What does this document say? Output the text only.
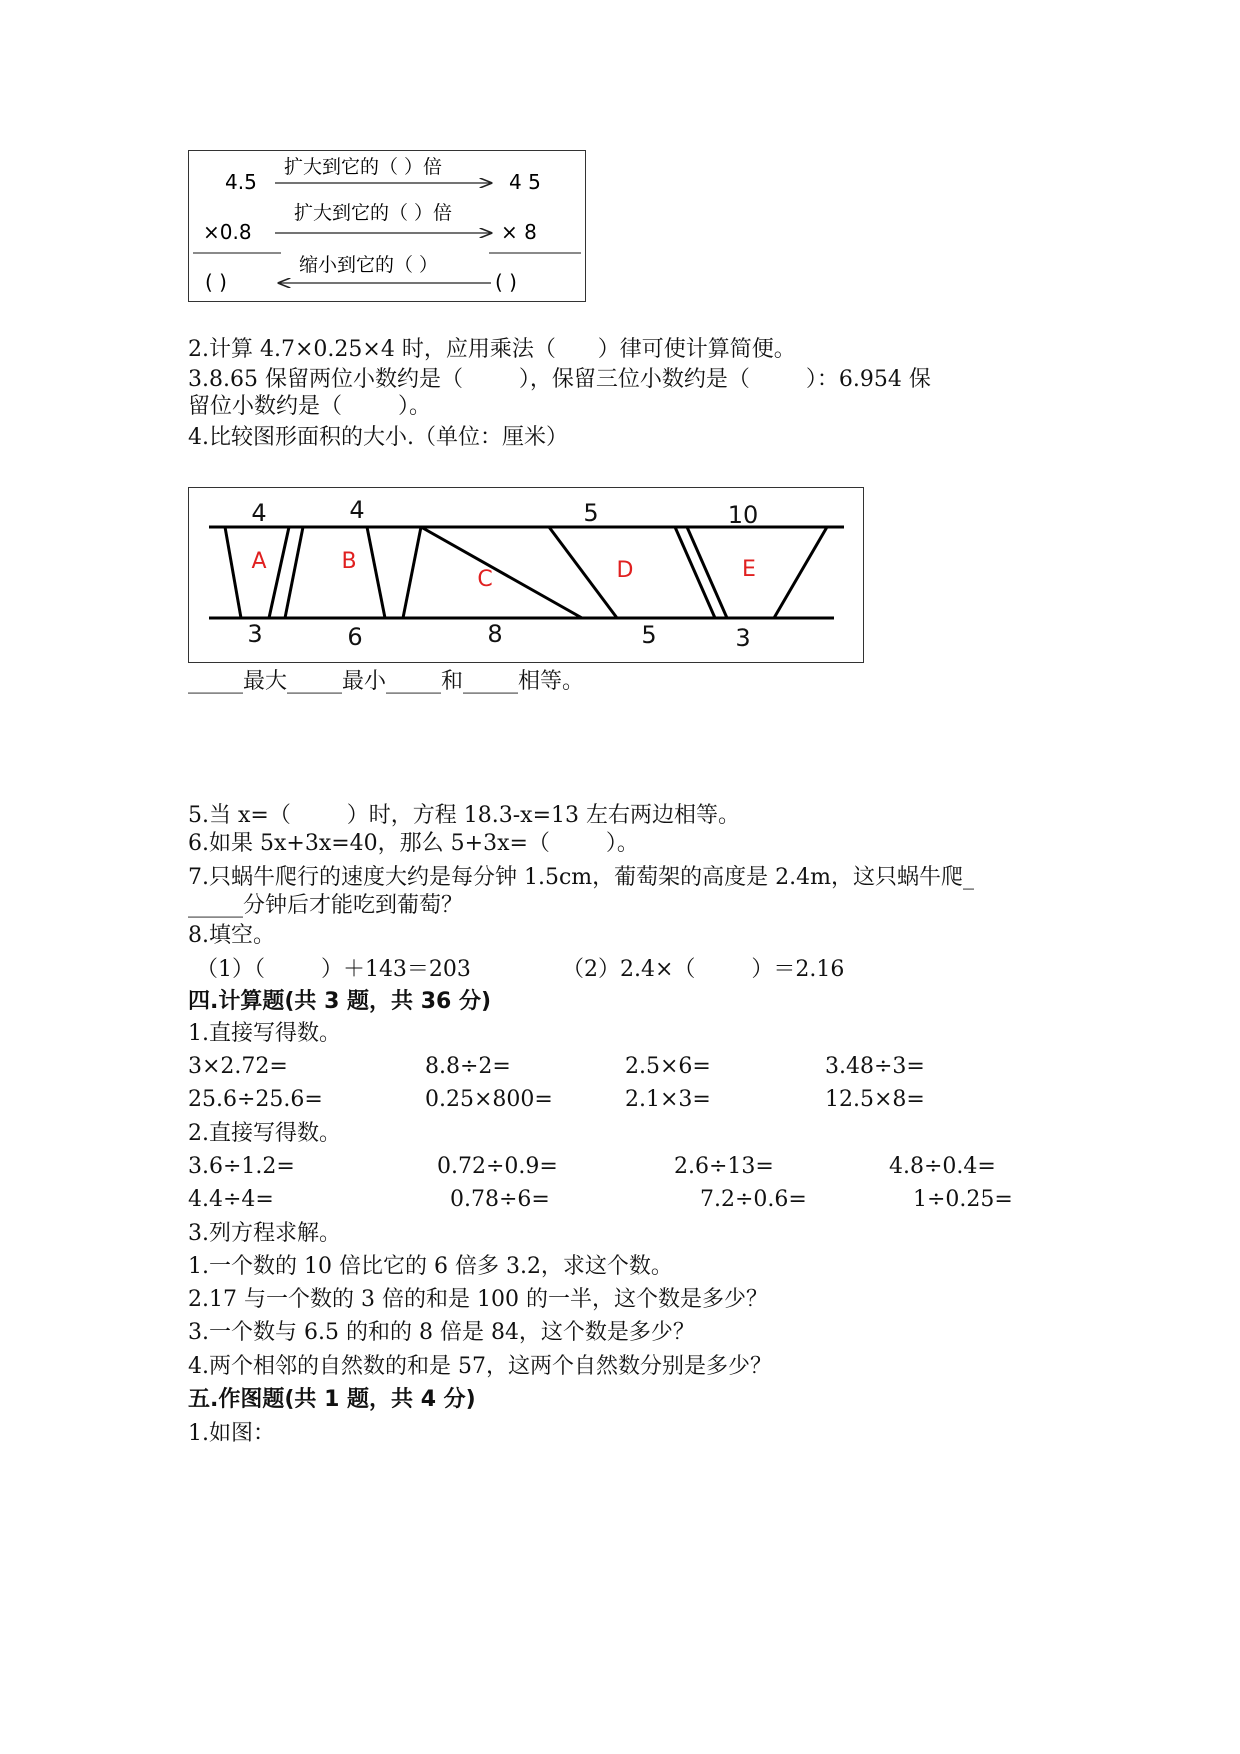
4.5
扩大到它的（ ）倍
4 5
×0.8
扩大到它的（ ）倍
× 8
缩小到它的（ ）
( )	( )
2.计算 4.7×0.25×4 时，应用乘法（      ）律可使计算简便。
3.8.65 保留两位小数约是（        ），保留三位小数约是（        ）：6.954 保
留位小数约是（        ）。
4.比较图形面积的大小.（单位：厘米）
4	4	5	10
3	6	8	5	3
A	B
C	D	E
_____最大_____最小_____和_____相等。
5.当 x=（        ）时，方程 18.3-x=13 左右两边相等。
6.如果 5x+3x=40，那么 5+3x=（        ）。
7.只蜗牛爬行的速度大约是每分钟 1.5cm，葡萄架的高度是 2.4m，这只蜗牛爬_
_____分钟后才能吃到葡萄？
8.填空。
（1）（        ）＋143＝203	（2）2.4×（        ）＝2.16
四.计算题(共 3 题，共 36 分)
1.直接写得数。
3×2.72=	8.8÷2=	2.5×6=	3.48÷3=
25.6÷25.6=	0.25×800=	2.1×3=	12.5×8=
2.直接写得数。
3.6÷1.2=	0.72÷0.9=	2.6÷13=	4.8÷0.4=
4.4÷4=	0.78÷6=	7.2÷0.6=	1÷0.25=
3.列方程求解。
1.一个数的 10 倍比它的 6 倍多 3.2，求这个数。
2.17 与一个数的 3 倍的和是 100 的一半，这个数是多少？
3.一个数与 6.5 的和的 8 倍是 84，这个数是多少？
4.两个相邻的自然数的和是 57，这两个自然数分别是多少？
五.作图题(共 1 题，共 4 分)
1.如图：
